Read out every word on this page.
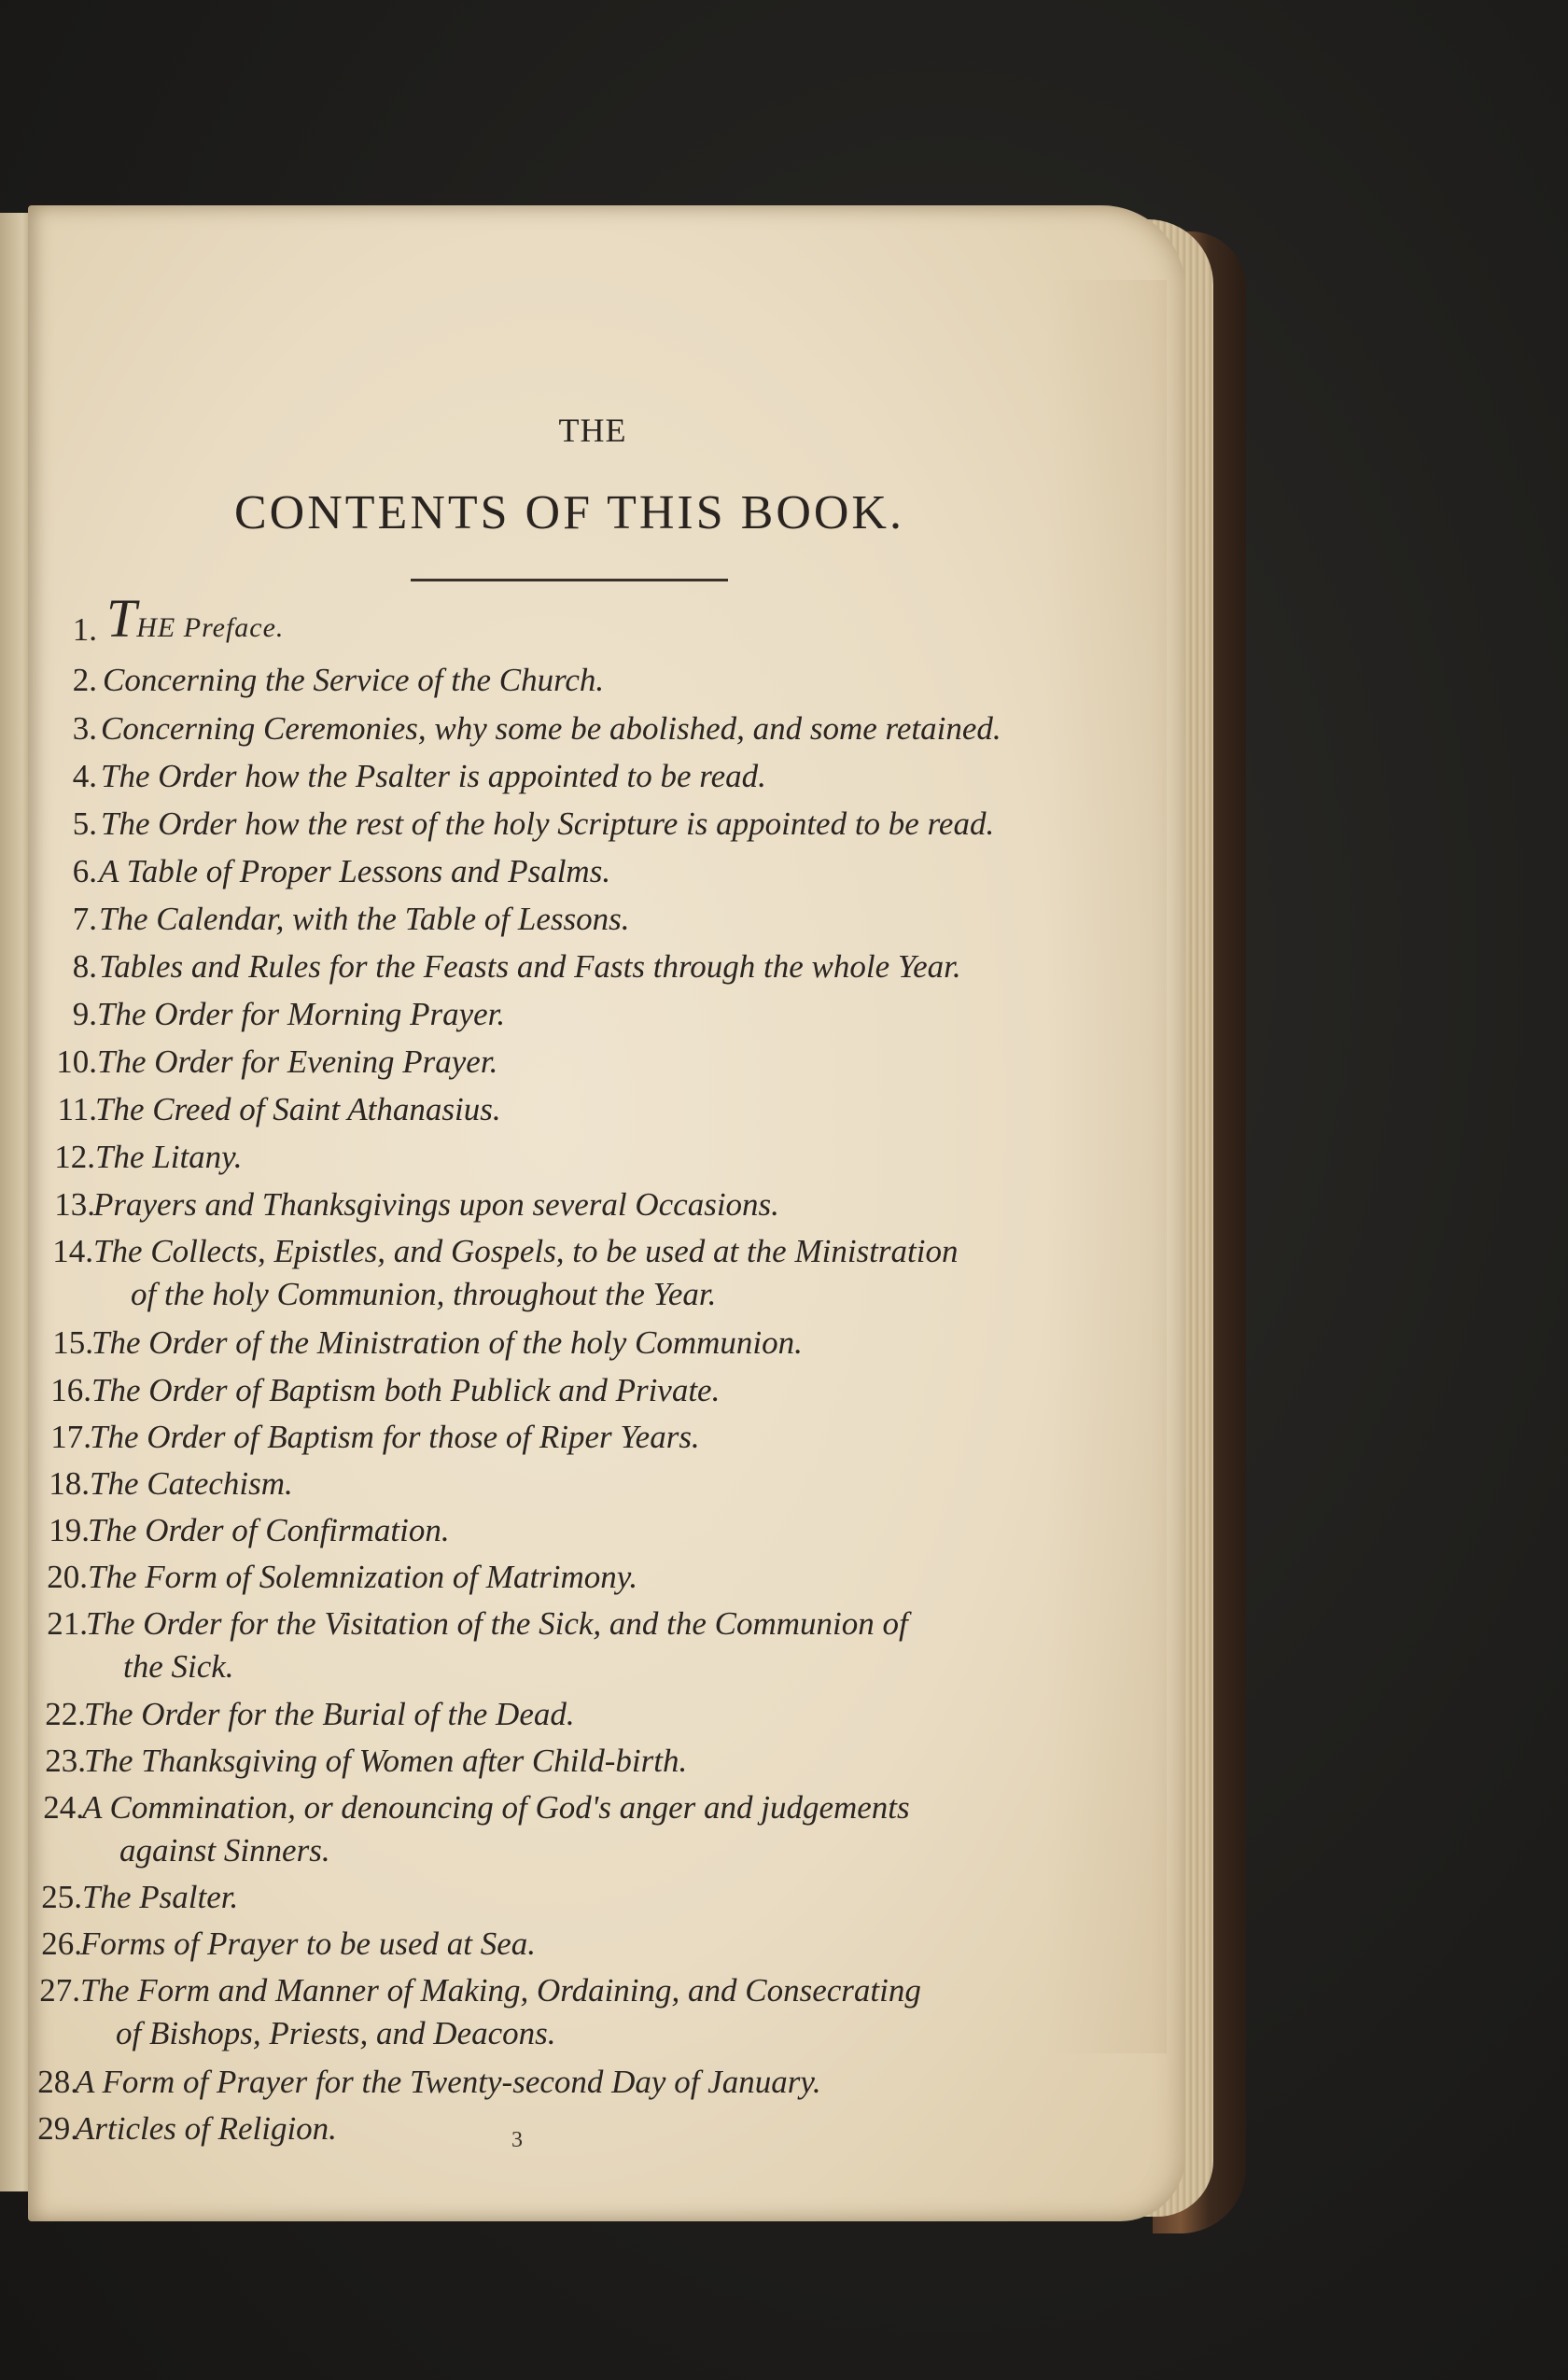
THE
CONTENTS OF THIS BOOK.
1. THE Preface.
2. Concerning the Service of the Church.
3. Concerning Ceremonies, why some be abolished, and some retained.
4. The Order how the Psalter is appointed to be read.
5. The Order how the rest of the holy Scripture is appointed to be read.
6. A Table of Proper Lessons and Psalms.
7. The Calendar, with the Table of Lessons.
8. Tables and Rules for the Feasts and Fasts through the whole Year.
9. The Order for Morning Prayer.
10. The Order for Evening Prayer.
11.
The Creed of Saint Athanasius.
12. The Litany.
13.
Prayers and Thanksgivings upon several Occasions.
14. The Collects, Epistles, and Gospels, to be used at the Ministration
of the holy Communion, throughout the Year.
15.
The Order of the Ministration of the holy Communion.
16. The Order of Baptism both Publick and Private.
17.
The Order of Baptism for those of Riper Years.
18. The Catechism.
19.
The Order of Confirmation.
20. The Form of Solemnization of Matrimony.
21.
The Order for the Visitation of the Sick, and the Communion of
the Sick.
22.
The Order for the Burial of the Dead.
23.
The Thanksgiving of Women after Child-birth.
24.
A Commination, or denouncing of God's anger and judgements
against Sinners.
25. The Psalter.
26.
Forms of Prayer to be used at Sea.
27. The Form and Manner of Making, Ordaining, and Consecrating
of Bishops, Priests, and Deacons.
28.
A Form of Prayer for the Twenty-second Day of January.
29.
Articles of Religion.	3
